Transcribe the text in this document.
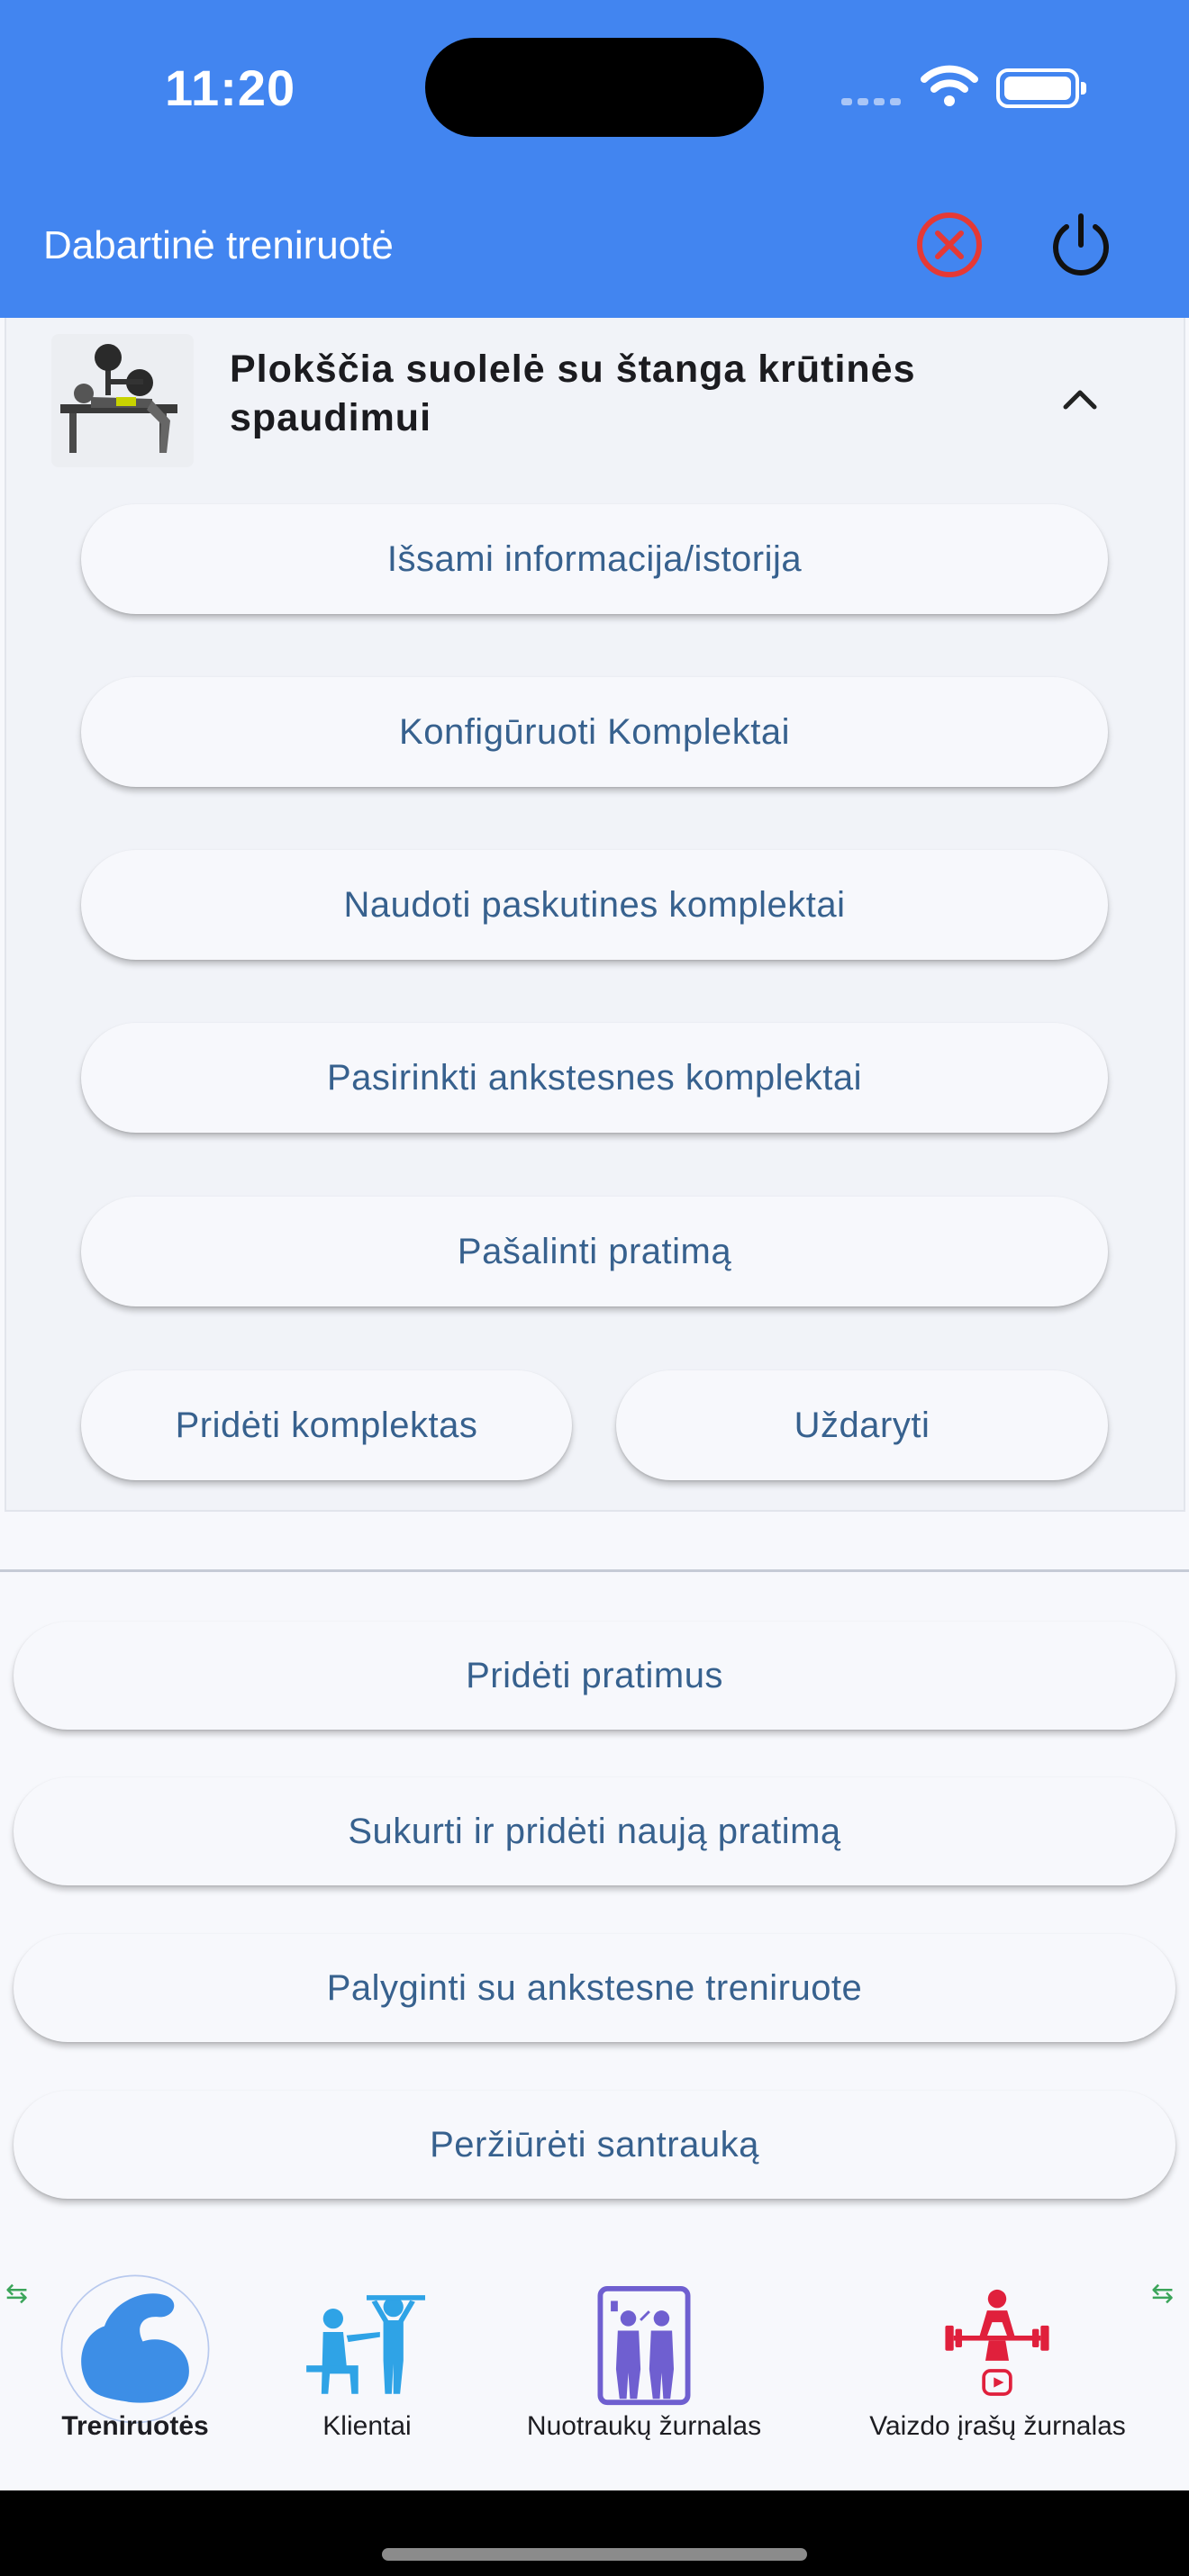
11:20
Dabartinė treniruotė
Plokščia suolelė su štanga krūtinės spaudimui
Išsami informacija/istorija
Konfigūruoti Komplektai
Naudoti paskutines komplektai
Pasirinkti ankstesnes komplektai
Pašalinti pratimą
Pridėti komplektas	Uždaryti
Pridėti pratimus
Sukurti ir pridėti naują pratimą
Palyginti su ankstesne treniruote
Peržiūrėti santrauką
⇆	⇆
Treniruotės	Klientai	Nuotraukų žurnalas	Vaizdo įrašų žurnalas
